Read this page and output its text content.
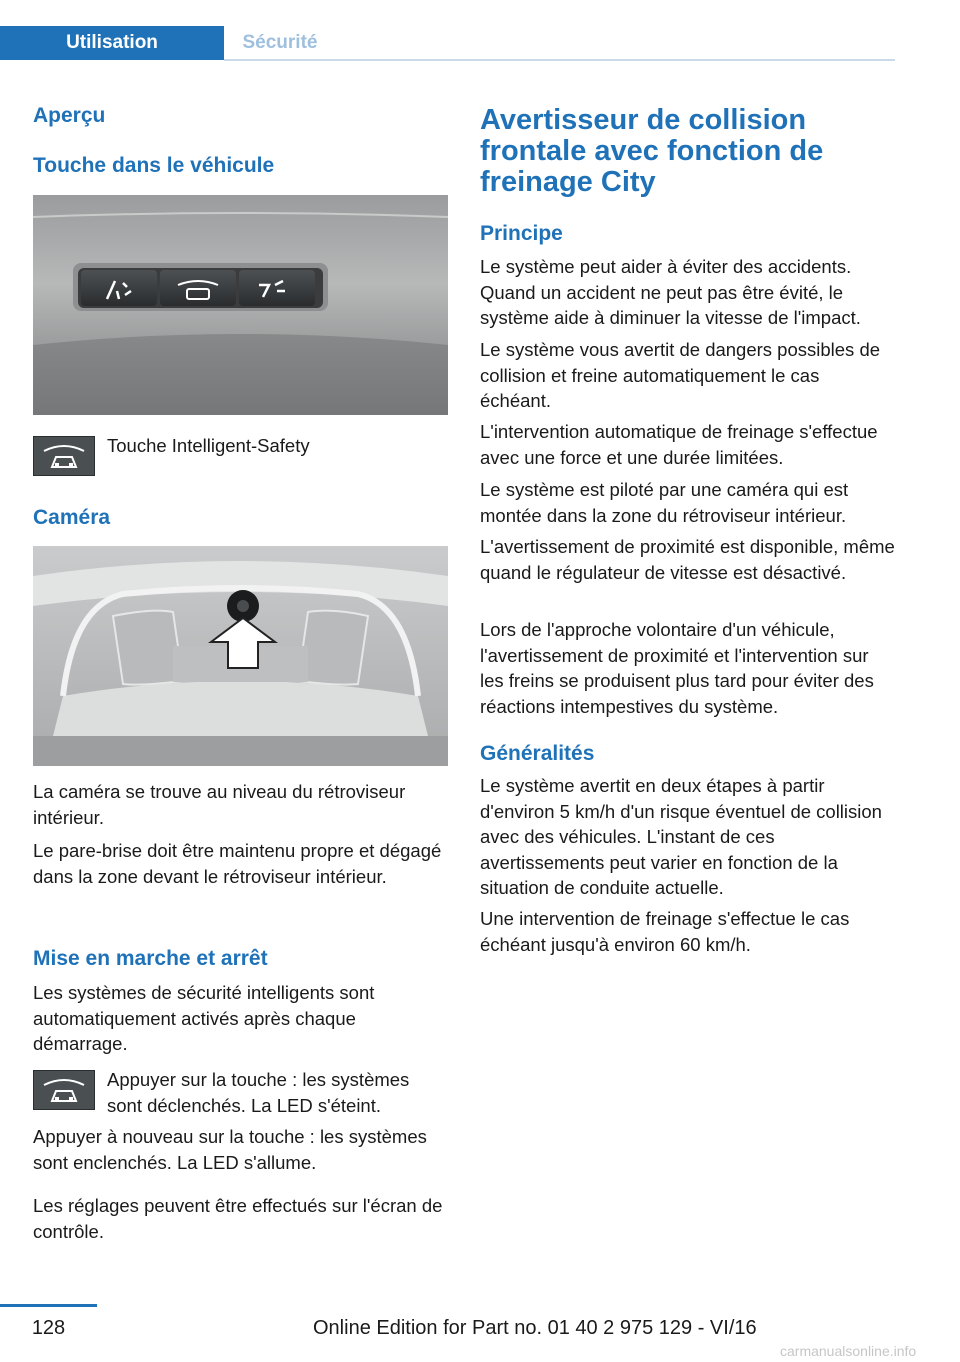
Utilisation	Sécurité
Aperçu
Touche dans le véhicule

Touche Intelligent-Safety

Caméra

La caméra se trouve au niveau du rétroviseur intérieur.

Le pare-brise doit être maintenu propre et dégagé dans la zone devant le rétroviseur intérieur.

Mise en marche et arrêt

Les systèmes de sécurité intelligents sont automatiquement activés après chaque démarrage.

Appuyer sur la touche : les systèmes sont déclenchés. La LED s'éteint.

Appuyer à nouveau sur la touche : les systèmes sont enclenchés. La LED s'allume.

Les réglages peuvent être effectués sur l'écran de contrôle.

Avertisseur de collision frontale avec fonction de freinage City
Principe

Le système peut aider à éviter des accidents. Quand un accident ne peut pas être évité, le système aide à diminuer la vitesse de l'impact.

Le système vous avertit de dangers possibles de collision et freine automatiquement le cas échéant.

L'intervention automatique de freinage s'effectue avec une force et une durée limitées.

Le système est piloté par une caméra qui est montée dans la zone du rétroviseur intérieur.

L'avertissement de proximité est disponible, même quand le régulateur de vitesse est désactivé.

Lors de l'approche volontaire d'un véhicule, l'avertissement de proximité et l'intervention sur les freins se produisent plus tard pour éviter des réactions intempestives du système.

Généralités

Le système avertit en deux étapes à partir d'environ 5 km/h d'un risque éventuel de collision avec des véhicules. L'instant de ces avertissements peut varier en fonction de la situation de conduite actuelle.

Une intervention de freinage s'effectue le cas échéant jusqu'à environ 60 km/h.

128	Online Edition for Part no. 01 40 2 975 129 - VI/16
carmanualsonline.info
